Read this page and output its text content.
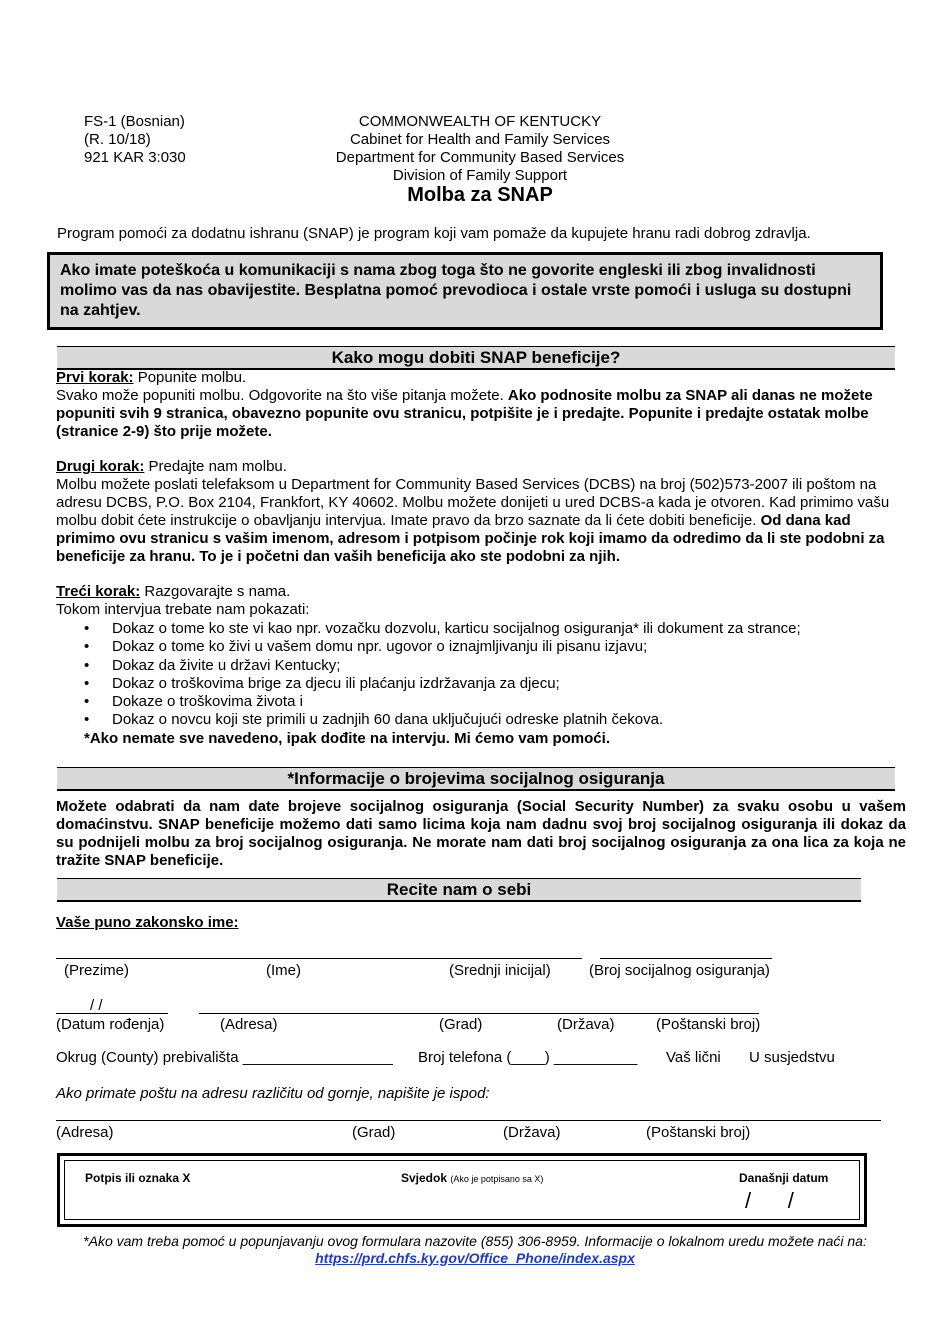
FS-1 (Bosnian)
(R. 10/18)
921 KAR 3:030
COMMONWEALTH OF KENTUCKY
Cabinet for Health and Family Services
Department for Community Based Services
Division of Family Support
Molba za SNAP
Program pomoći za dodatnu ishranu (SNAP) je program koji vam pomaže da kupujete hranu radi dobrog zdravlja.
Ako imate poteškoća u komunikaciji s nama zbog toga što ne govorite engleski ili zbog invalidnosti molimo vas da nas obavijestite. Besplatna pomoć prevodioca i ostale vrste pomoći i usluga su dostupni na zahtjev.
Kako mogu dobiti SNAP beneficije?
Prvi korak: Popunite molbu.
Svako može popuniti molbu. Odgovorite na što više pitanja možete. Ako podnosite molbu za SNAP ali danas ne možete popuniti svih 9 stranica, obavezno popunite ovu stranicu, potpišite je i predajte. Popunite i predajte ostatak molbe (stranice 2-9) što prije možete.
Drugi korak: Predajte nam molbu.
Molbu možete poslati telefaksom u Department for Community Based Services (DCBS) na broj (502)573-2007 ili poštom na adresu DCBS, P.O. Box 2104, Frankfort, KY 40602. Molbu možete donijeti u ured DCBS-a kada je otvoren. Kad primimo vašu molbu dobit ćete instrukcije o obavljanju intervjua. Imate pravo da brzo saznate da li ćete dobiti beneficije. Od dana kad primimo ovu stranicu s vašim imenom, adresom i potpisom počinje rok koji imamo da odredimo da li ste podobni za beneficije za hranu. To je i početni dan vaših beneficija ako ste podobni za njih.
Treći korak: Razgovarajte s nama.
Tokom intervjua trebate nam pokazati:
• Dokaz o tome ko ste vi kao npr. vozačku dozvolu, karticu socijalnog osiguranja* ili dokument za strance;
• Dokaz o tome ko živi u vašem domu npr. ugovor o iznajmljivanju ili pisanu izjavu;
• Dokaz da živite u državi Kentucky;
• Dokaz o troškovima brige za djecu ili plaćanju izdržavanja za djecu;
• Dokaze o troškovima života i
• Dokaz o novcu koji ste primili u zadnjih 60 dana uključujući odreske platnih čekova.
*Ako nemate sve navedeno, ipak dođite na intervju. Mi ćemo vam pomoći.
*Informacije o brojevima socijalnog osiguranja
Možete odabrati da nam date brojeve socijalnog osiguranja (Social Security Number) za svaku osobu u vašem domaćinstvu. SNAP beneficije možemo dati samo licima koja nam dadnu svoj broj socijalnog osiguranja ili dokaz da su podnijeli molbu za broj socijalnog osiguranja. Ne morate nam dati broj socijalnog osiguranja za ona lica za koja ne tražite SNAP beneficije.
Recite nam o sebi
Vaše puno zakonsko ime:
(Prezime)	(Ime)	(Srednji inicijal)	(Broj socijalnog osiguranja)
/ /
(Datum rođenja)	(Adresa)	(Grad)	(Država)	(Poštanski broj)
Okrug (County) prebivališta __________________ Broj telefona (____) __________ Vaš lični U susjedstvu
Ako primate poštu na adresu različitu od gornje, napišite je ispod:
(Adresa)	(Grad)	(Država)	(Poštanski broj)
Potpis ili oznaka X	Svjedok (Ako je potpisano sa X)	Današnji datum
/      /
*Ako vam treba pomoć u popunjavanju ovog formulara nazovite (855) 306-8959. Informacije o lokalnom uredu možete naći na:
https://prd.chfs.ky.gov/Office_Phone/index.aspx
